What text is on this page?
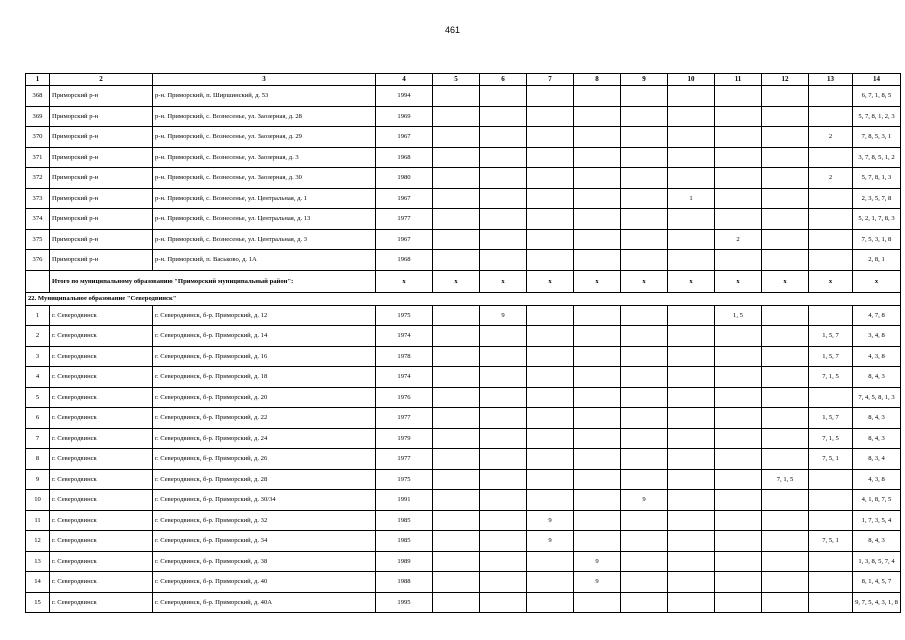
461
1	2	3	4	5	6	7	8	9	10	11	12	13	14
368	Приморский р-н	р-н. Приморский, п. Ширшинский, д. 53	1994										6, 7, 1, 8, 5
369	Приморский р-н	р-н. Приморский, с. Вознесенье, ул. Заозерная, д. 28	1969										5, 7, 8, 1, 2, 3
370	Приморский р-н	р-н. Приморский, с. Вознесенье, ул. Заозерная, д. 29	1967									2	7, 8, 5, 3, 1
371	Приморский р-н	р-н. Приморский, с. Вознесенье, ул. Заозерная, д. 3	1968										3, 7, 8, 5, 1, 2
372	Приморский р-н	р-н. Приморский, с. Вознесенье, ул. Заозерная, д. 30	1980									2	5, 7, 8, 1, 3
373	Приморский р-н	р-н. Приморский, с. Вознесенье, ул. Центральная, д. 1	1967						1				2, 3, 5, 7, 8
374	Приморский р-н	р-н. Приморский, с. Вознесенье, ул. Центральная, д. 13	1977										5, 2, 1, 7, 8, 3
375	Приморский р-н	р-н. Приморский, с. Вознесенье, ул. Центральная, д. 3	1967							2			7, 5, 3, 1, 8
376	Приморский р-н	р-н. Приморский, п. Васьково, д. 1А	1968										2, 8, 1
	Итого по муниципальному образованию "Приморский муниципальный район":		x	x	x	x	x	x	x	x	x	x	x
22. Муниципальное образование "Северодвинск"													
1	г. Северодвинск	г. Северодвинск, б-р. Приморский, д. 12	1975		9					1, 5			4, 7, 8
2	г. Северодвинск	г. Северодвинск, б-р. Приморский, д. 14	1974									1, 5, 7	3, 4, 8
3	г. Северодвинск	г. Северодвинск, б-р. Приморский, д. 16	1978									1, 5, 7	4, 3, 8
4	г. Северодвинск	г. Северодвинск, б-р. Приморский, д. 18	1974									7, 1, 5	8, 4, 3
5	г. Северодвинск	г. Северодвинск, б-р. Приморский, д. 20	1976										7, 4, 5, 8, 1, 3
6	г. Северодвинск	г. Северодвинск, б-р. Приморский, д. 22	1977									1, 5, 7	8, 4, 3
7	г. Северодвинск	г. Северодвинск, б-р. Приморский, д. 24	1979									7, 1, 5	8, 4, 3
8	г. Северодвинск	г. Северодвинск, б-р. Приморский, д. 26	1977									7, 5, 1	8, 3, 4
9	г. Северодвинск	г. Северодвинск, б-р. Приморский, д. 28	1975								7, 1, 5		4, 3, 8
10	г. Северодвинск	г. Северодвинск, б-р. Приморский, д. 30/34	1991					9					4, 1, 8, 7, 5
11	г. Северодвинск	г. Северодвинск, б-р. Приморский, д. 32	1985			9							1, 7, 3, 5, 4
12	г. Северодвинск	г. Северодвинск, б-р. Приморский, д. 34	1985			9						7, 5, 1	8, 4, 3
13	г. Северодвинск	г. Северодвинск, б-р. Приморский, д. 38	1989				9						1, 3, 8, 5, 7, 4
14	г. Северодвинск	г. Северодвинск, б-р. Приморский, д. 40	1988				9						8, 1, 4, 5, 7
15	г. Северодвинск	г. Северодвинск, б-р. Приморский, д. 40А	1995										9, 7, 5, 4, 3, 1, 8
